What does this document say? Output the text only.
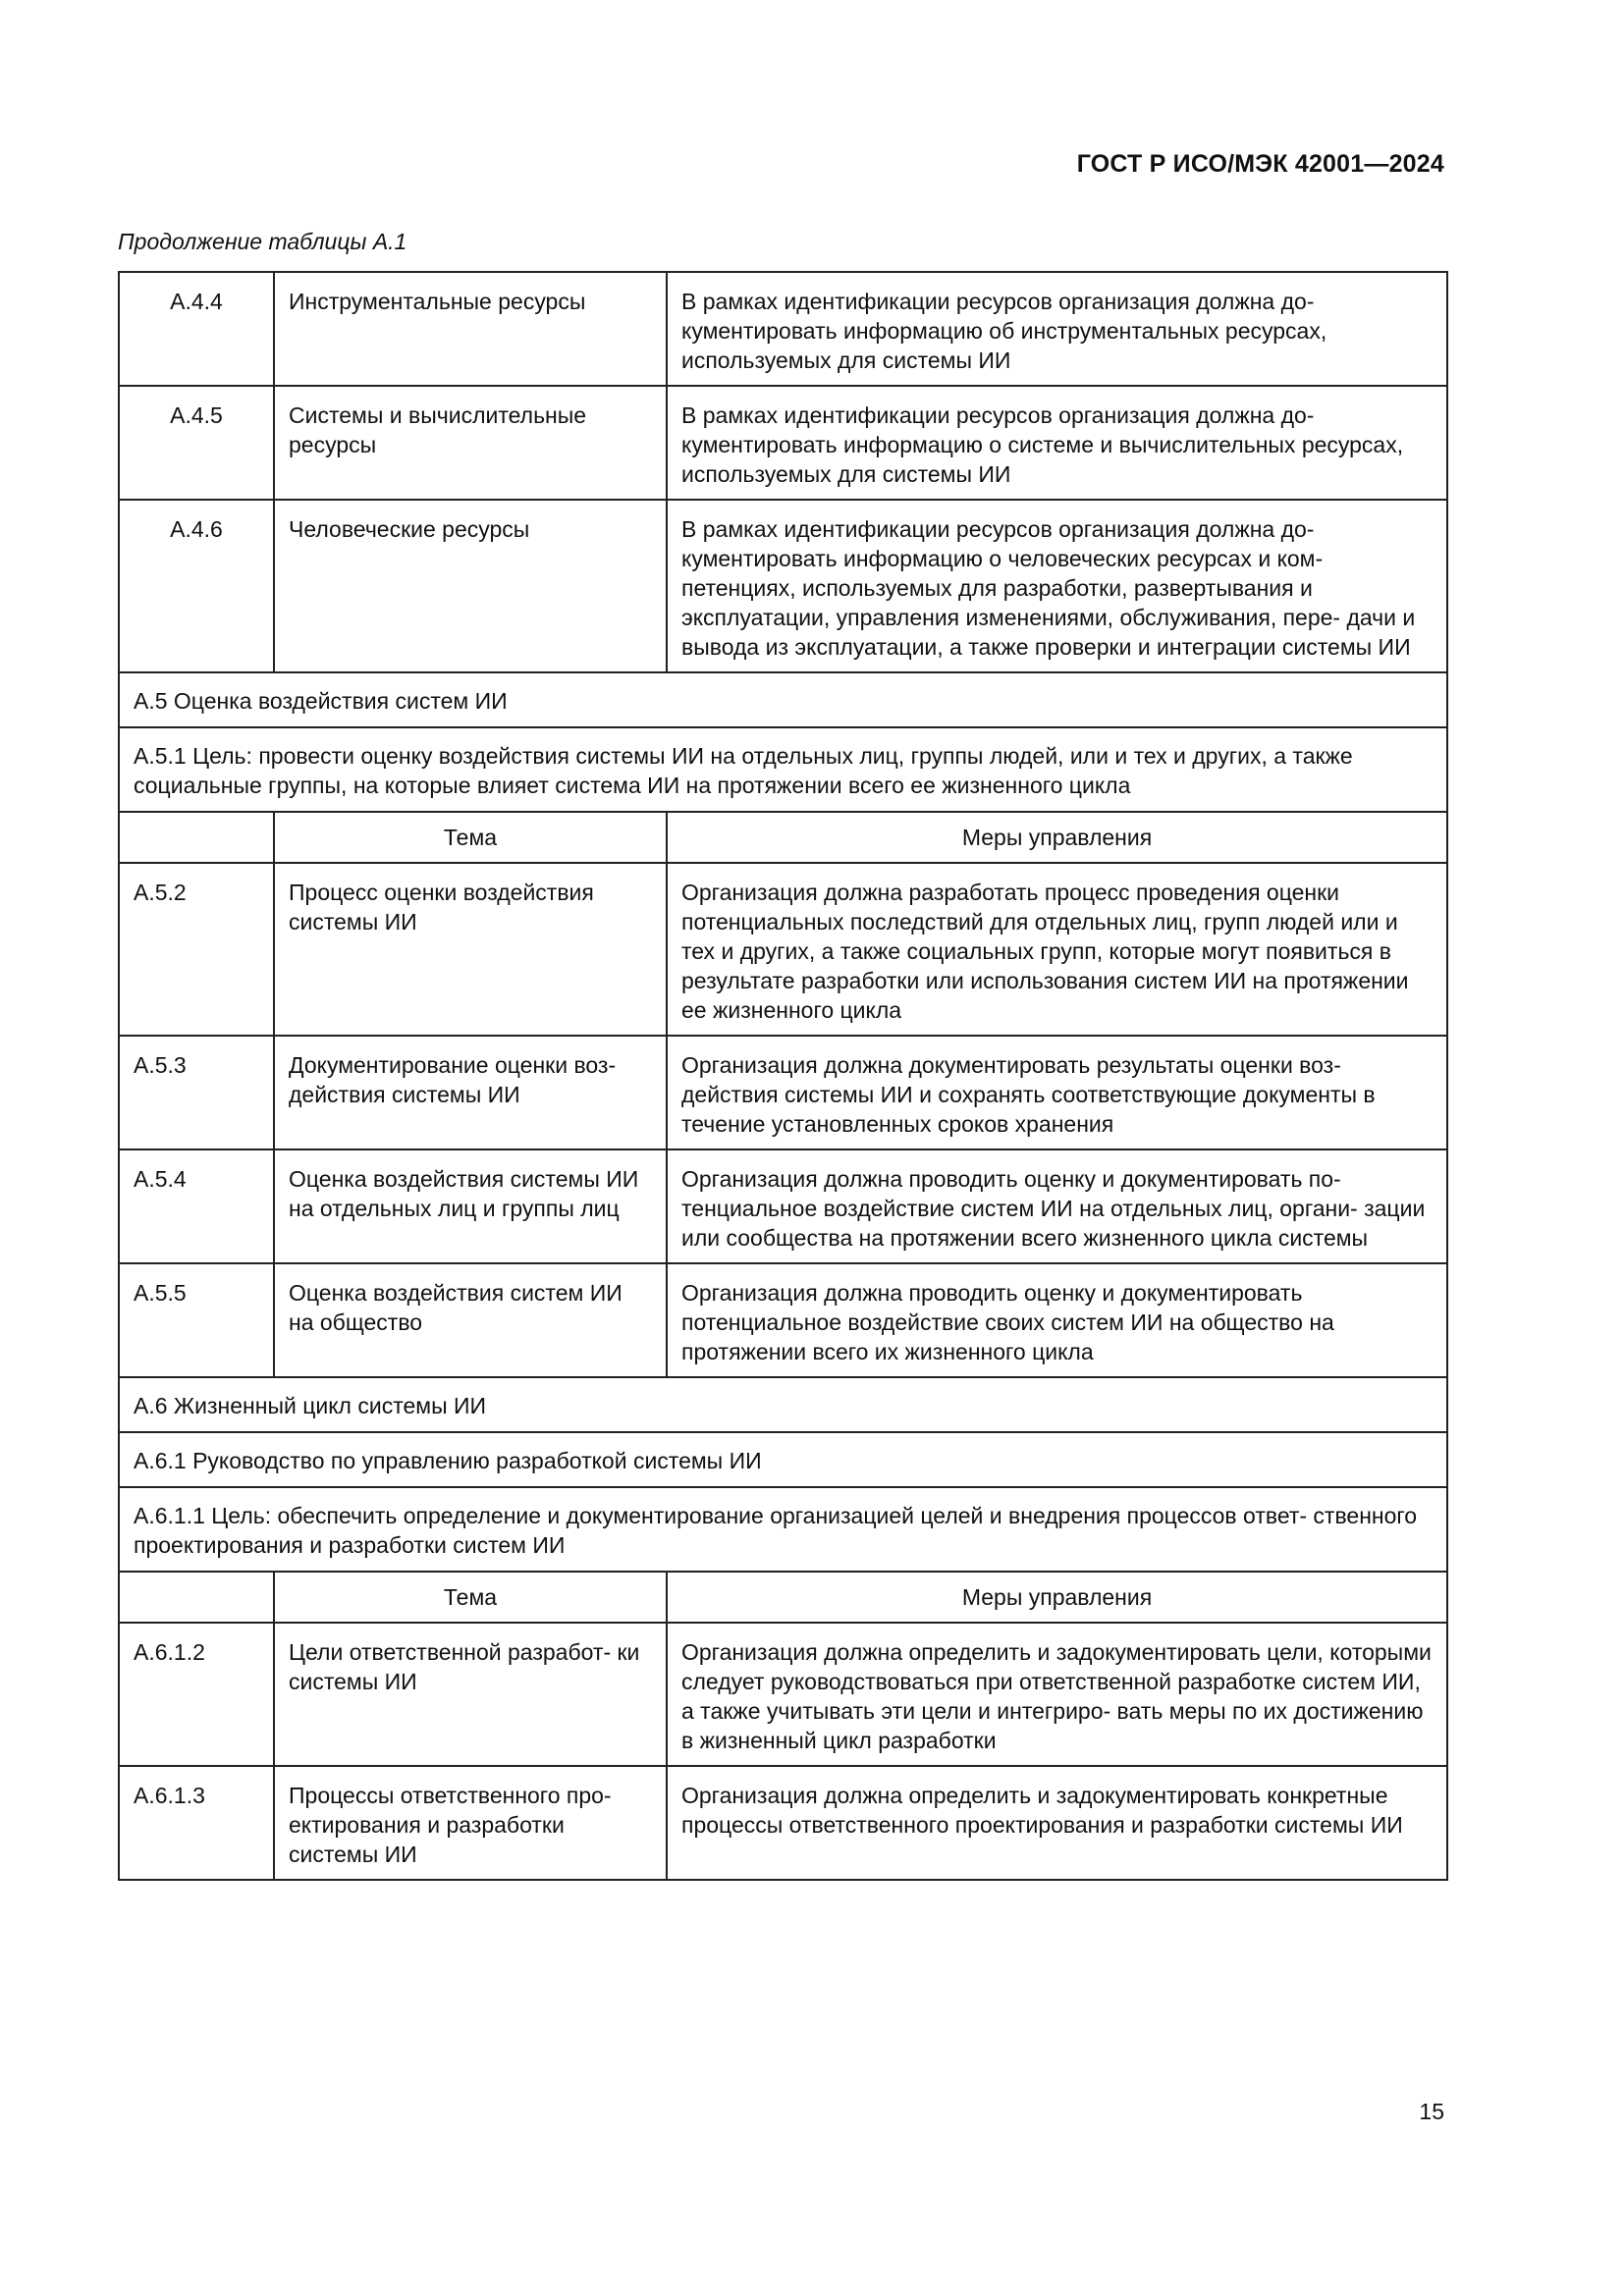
ГОСТ Р ИСО/МЭК 42001—2024
Продолжение таблицы А.1
А.4.4	Инструментальные ресурсы	В рамках идентификации ресурсов организация должна до- кументировать информацию об инструментальных ресурсах, используемых для системы ИИ
А.4.5	Системы и вычислительные ресурсы	В рамках идентификации ресурсов организация должна до- кументировать информацию о системе и вычислительных ресурсах, используемых для системы ИИ
А.4.6	Человеческие ресурсы	В рамках идентификации ресурсов организация должна до- кументировать информацию о человеческих ресурсах и ком- петенциях, используемых для разработки, развертывания и эксплуатации, управления изменениями, обслуживания, пере- дачи и вывода из эксплуатации, а также проверки и интеграции системы ИИ
А.5 Оценка воздействия систем ИИ		
А.5.1 Цель: провести оценку воздействия системы ИИ на отдельных лиц, группы людей, или и тех и других, а также социальные группы, на которые влияет система ИИ на протяжении всего ее жизненного цикла		
	Тема	Меры управления
А.5.2	Процесс оценки воздействия системы ИИ	Организация должна разработать процесс проведения оценки потенциальных последствий для отдельных лиц, групп людей или и тех и других, а также социальных групп, которые могут появиться в результате разработки или использования систем ИИ на протяжении ее жизненного цикла
А.5.3	Документирование оценки воз- действия системы ИИ	Организация должна документировать результаты оценки воз- действия системы ИИ и сохранять соответствующие документы в течение установленных сроков хранения
А.5.4	Оценка воздействия системы ИИ на отдельных лиц и группы лиц	Организация должна проводить оценку и документировать по- тенциальное воздействие систем ИИ на отдельных лиц, органи- зации или сообщества на протяжении всего жизненного цикла системы
А.5.5	Оценка воздействия систем ИИ на общество	Организация должна проводить оценку и документировать потенциальное воздействие своих систем ИИ на общество на протяжении всего их жизненного цикла
А.6 Жизненный цикл системы ИИ		
А.6.1 Руководство по управлению разработкой системы ИИ		
А.6.1.1 Цель: обеспечить определение и документирование организацией целей и внедрения процессов ответ- ственного проектирования и разработки систем ИИ		
	Тема	Меры управления
А.6.1.2	Цели ответственной разработ- ки системы ИИ	Организация должна определить и задокументировать цели, которыми следует руководствоваться при ответственной разработке систем ИИ, а также учитывать эти цели и интегриро- вать меры по их достижению в жизненный цикл разработки
А.6.1.3	Процессы ответственного про- ектирования и разработки системы ИИ	Организация должна определить и задокументировать конкретные процессы ответственного проектирования и разработки системы ИИ
15
